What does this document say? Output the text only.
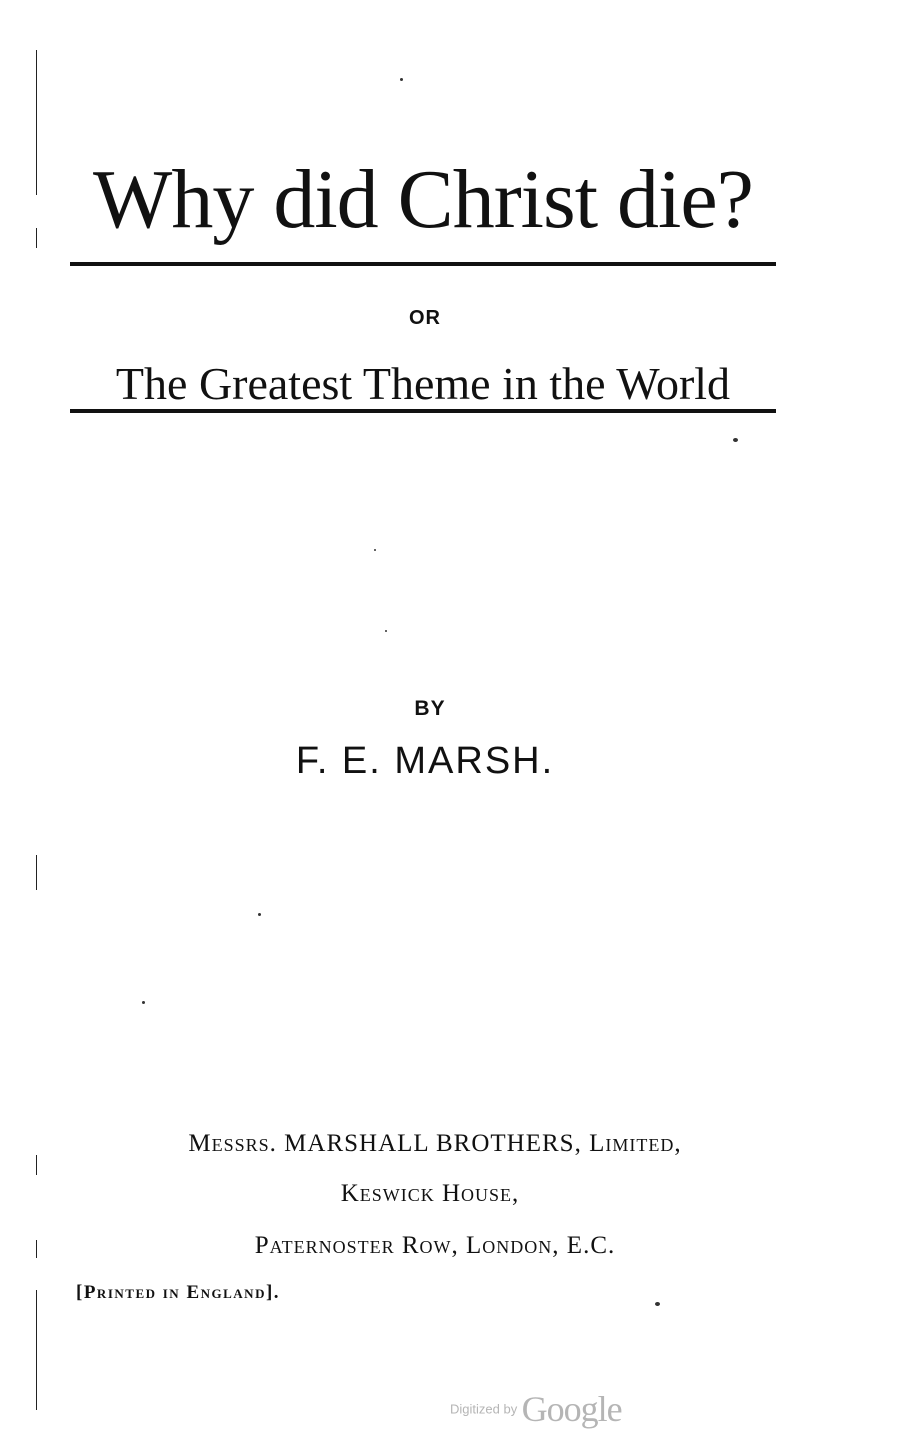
Why did Christ die?
OR
The Greatest Theme in the World
BY
F. E. MARSH.
Messrs. MARSHALL BROTHERS, Limited,
Keswick House,
Paternoster Row, London, E.C.
[Printed in England].
Digitized by Google
